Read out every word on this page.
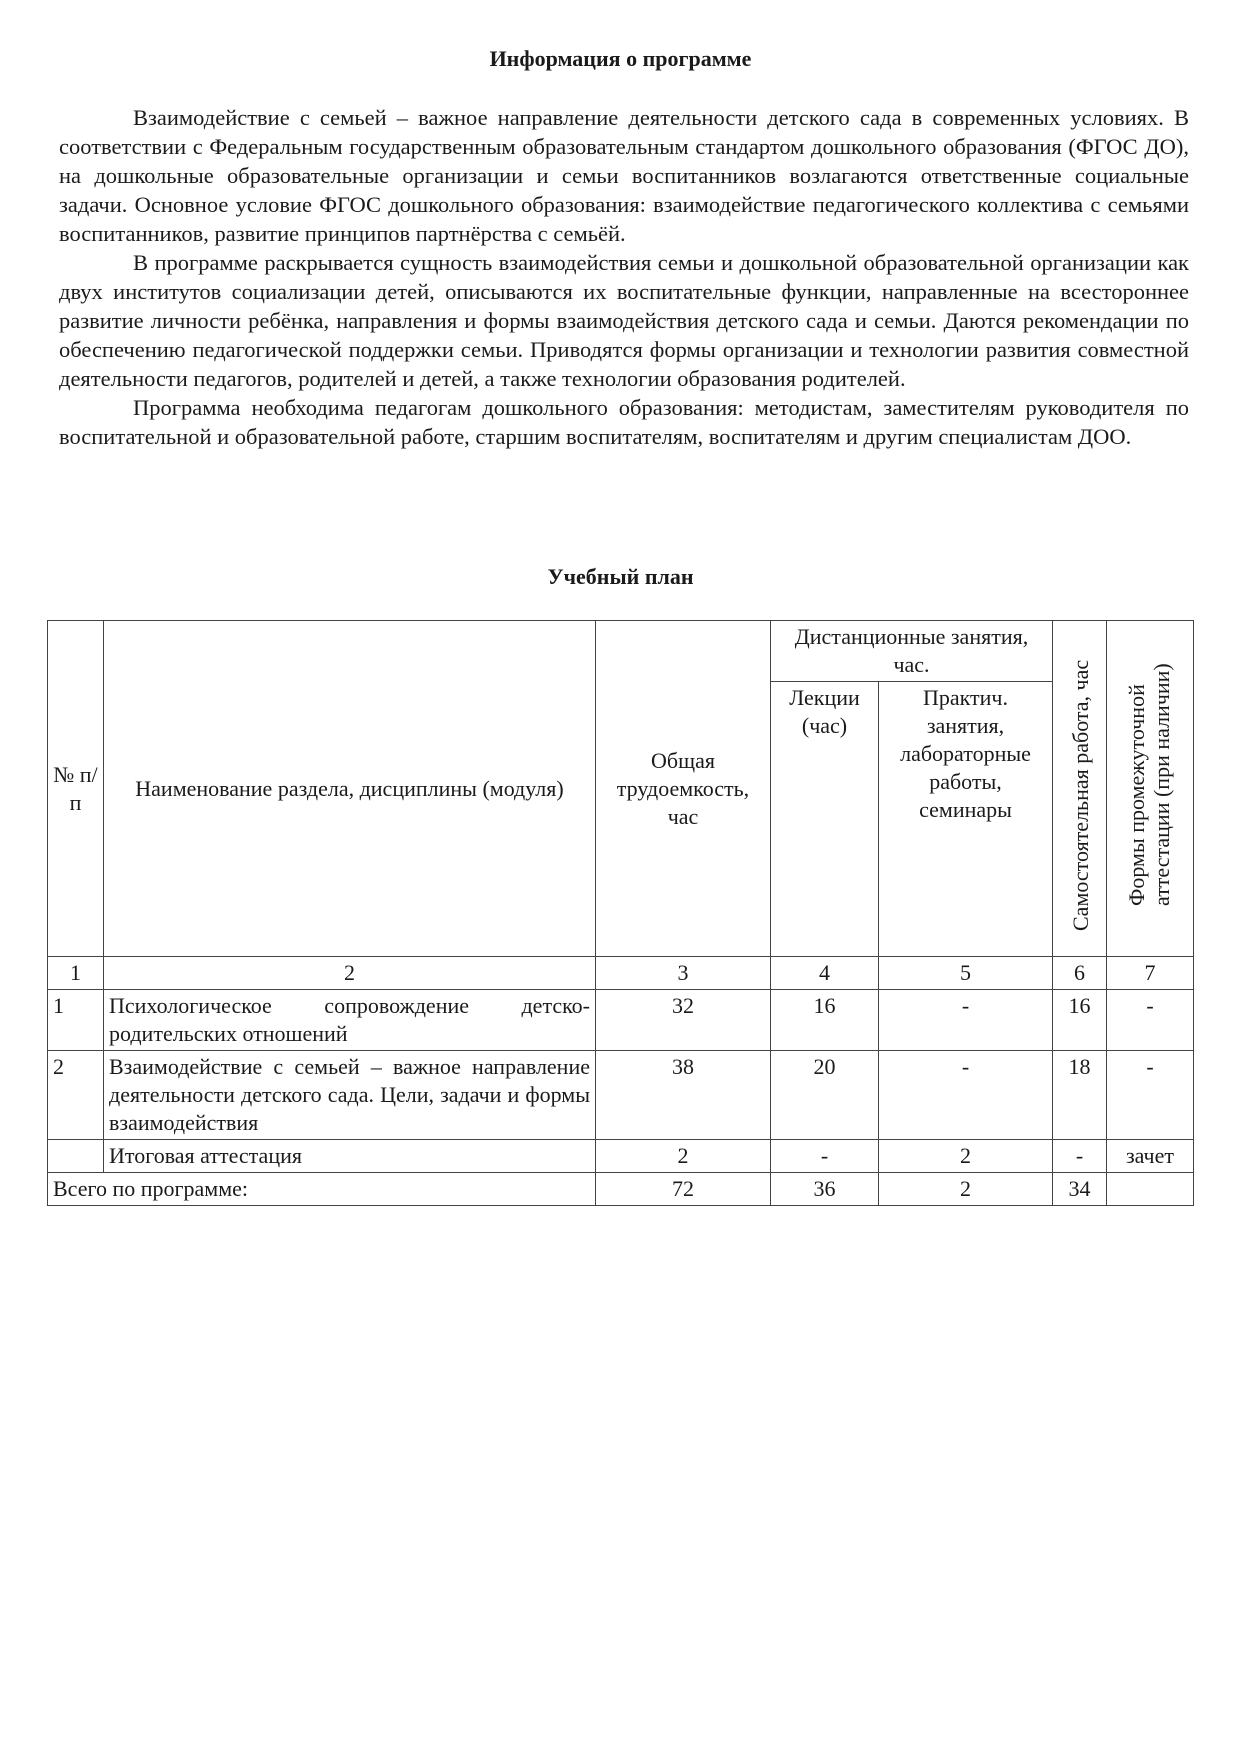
Информация о программе

Взаимодействие с семьей – важное направление деятельности детского сада в современных условиях. В соответствии с Федеральным государственным образовательным стандартом дошкольного образования (ФГОС ДО), на дошкольные образовательные организации и семьи воспитанников возлагаются ответственные социальные задачи. Основное условие ФГОС дошкольного образования: взаимодействие педагогического коллектива с семьями воспитанников, развитие принципов партнёрства с семьёй.

В программе раскрывается сущность взаимодействия семьи и дошкольной образовательной организации как двух институтов социализации детей, описываются их воспитательные функции, направленные на всестороннее развитие личности ребёнка, направления и формы взаимодействия детского сада и семьи. Даются рекомендации по обеспечению педагогической поддержки семьи. Приводятся формы организации и технологии развития совместной деятельности педагогов, родителей и детей, а также технологии образования родителей.

Программа необходима педагогам дошкольного образования: методистам, заместителям руководителя по воспитательной и образовательной работе, старшим воспитателям, воспитателям и другим специалистам ДОО.

Учебный план
№ п/п	Наименование раздела, дисциплины (модуля)	Общая трудоемкость, час	Дистанционные занятия, час.		Самостоятельная работа, час	Формы промежуточной аттестации (при наличии)

			Лекции (час)	Практич. занятия, лабораторные работы, семинары		
1	2	3	4	5	6	7
1	Психологическое сопровождение детско-родительских отношений	32	16	-	16	-
2	Взаимодействие с семьей – важное направление деятельности детского сада. Цели, задачи и формы взаимодействия	38	20	-	18	-
	Итоговая аттестация	2	-	2	-	зачет
Всего по программе:		72	36	2	34	
